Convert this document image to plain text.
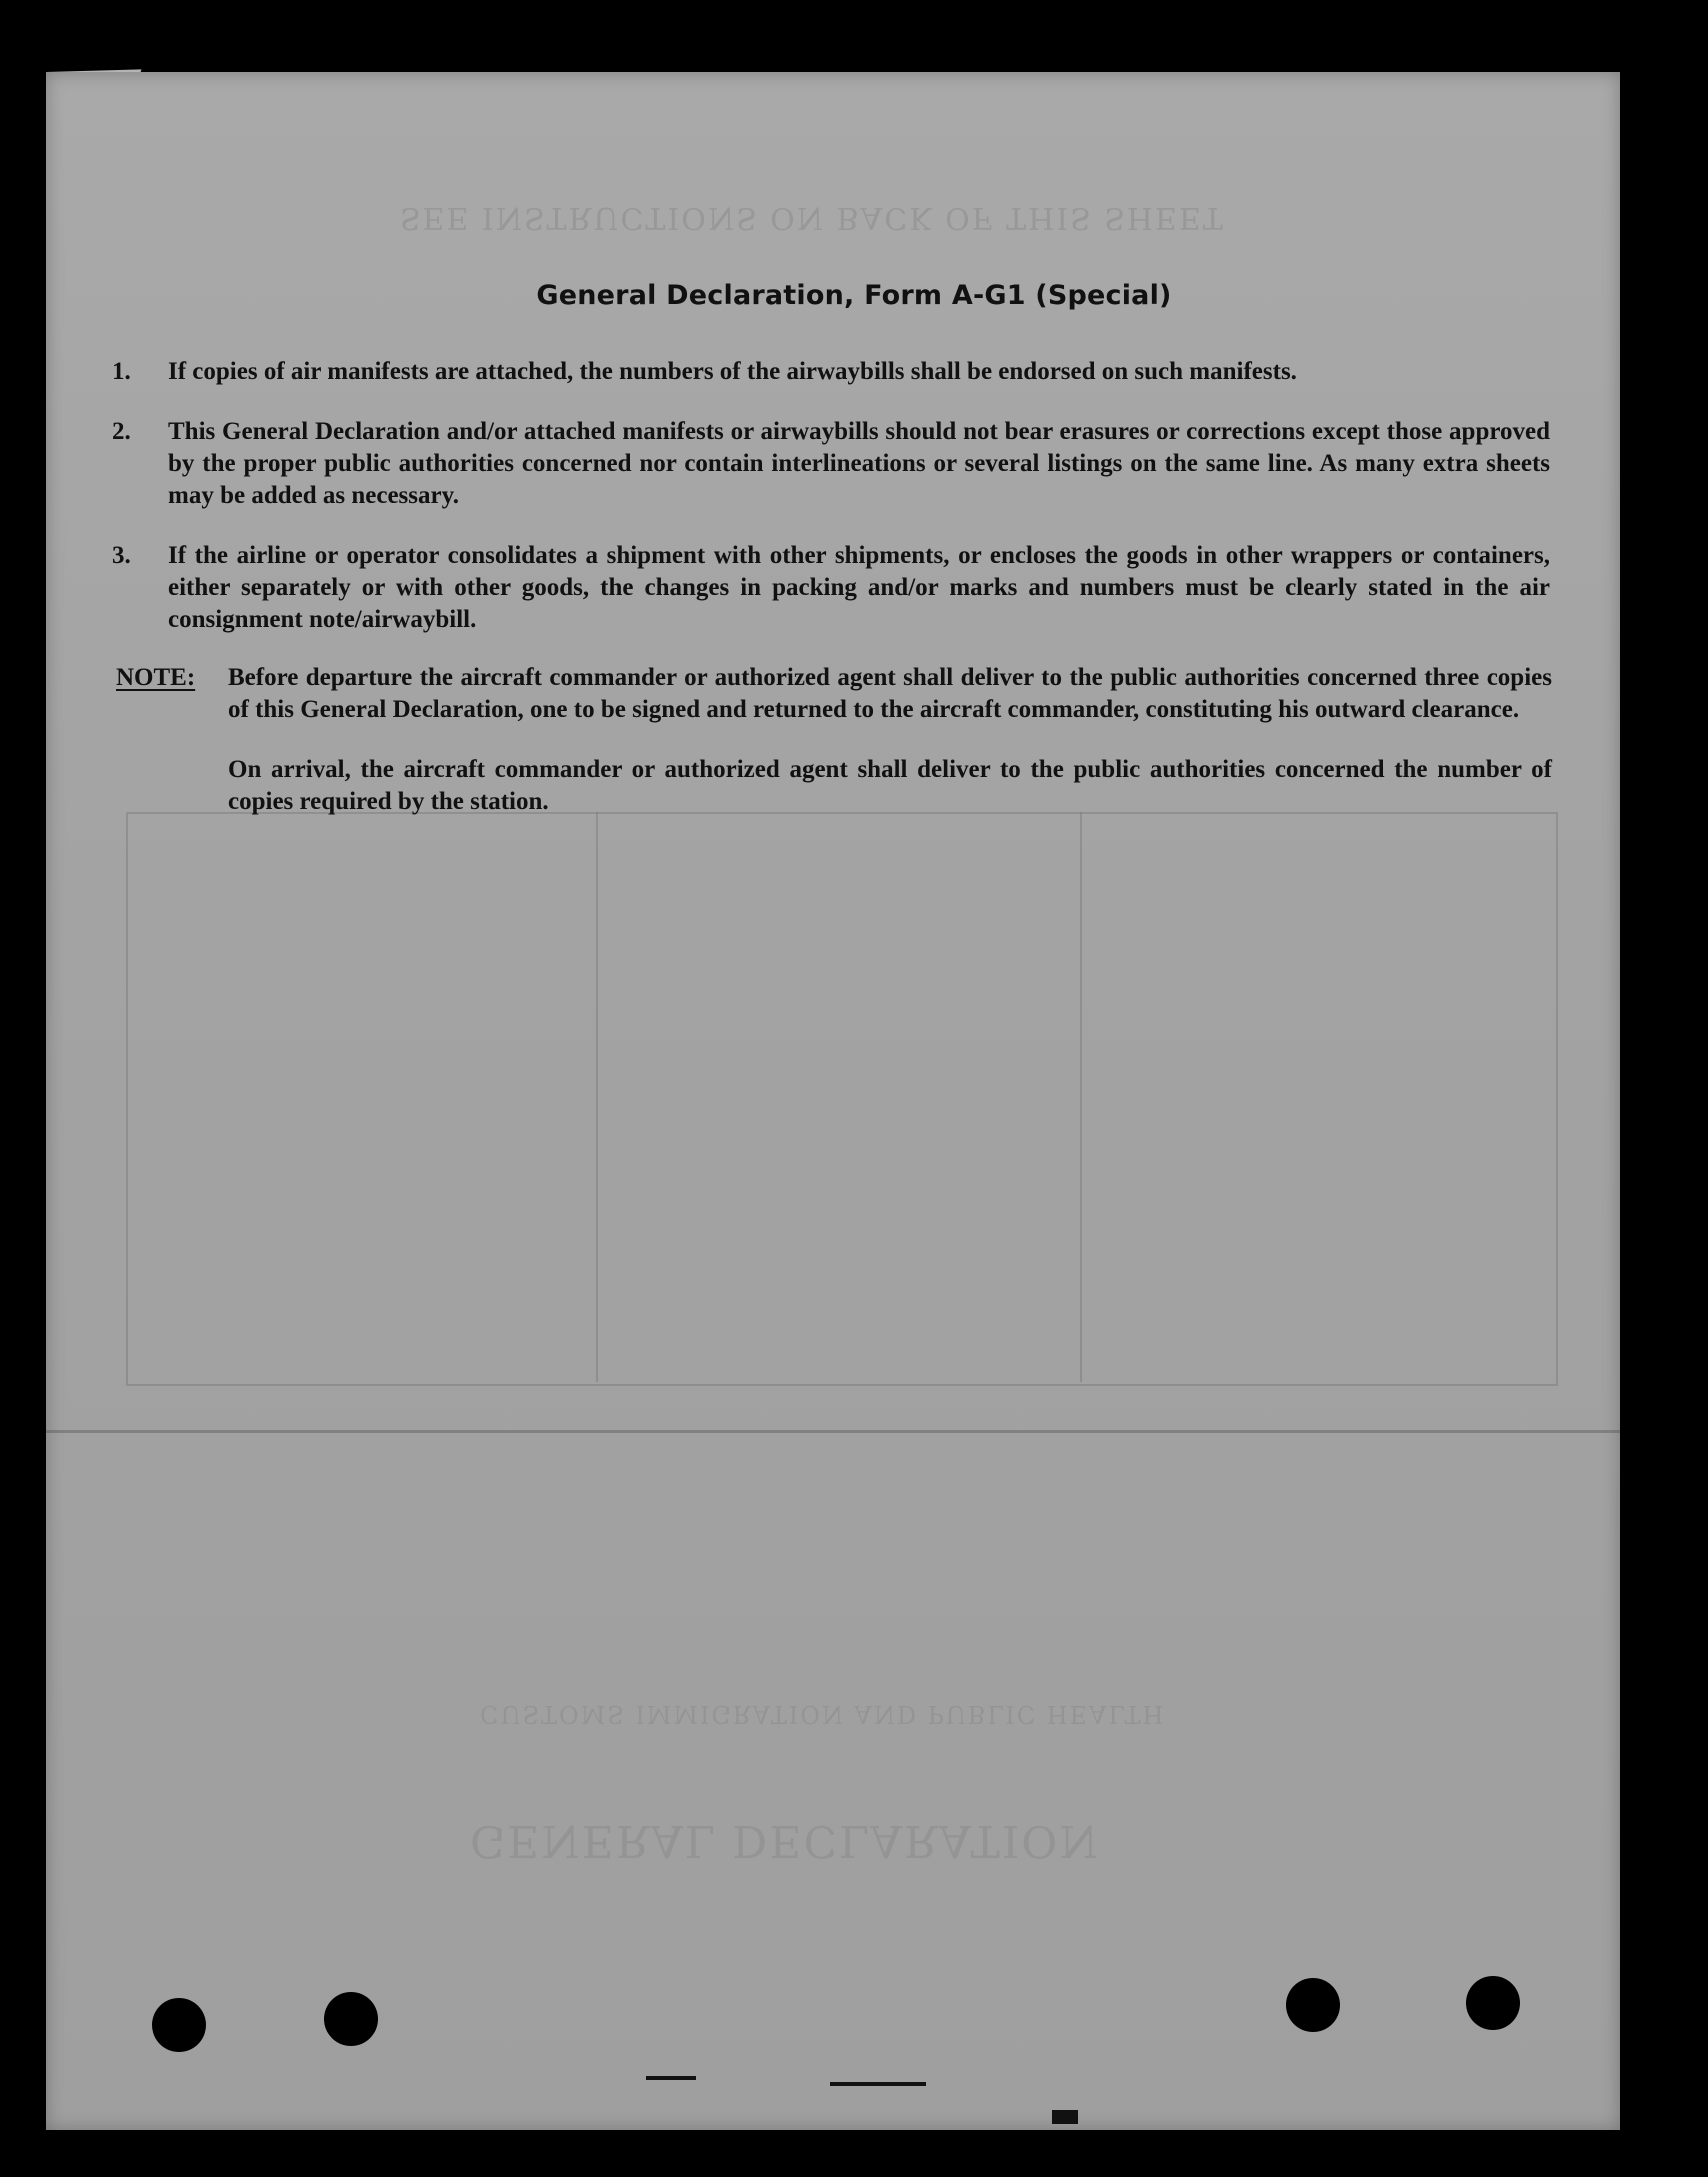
GENERAL DECLARATION
CUSTOMS IMMIGRATION AND PUBLIC HEALTH
SEE INSTRUCTIONS ON BACK OF THIS SHEET
General Declaration, Form A-G1 (Special)
1.	If copies of air manifests are attached, the numbers of the airwaybills shall be endorsed on such manifests.
2.	This General Declaration and/or attached manifests or airwaybills should not bear erasures or corrections except those approved by the proper public authorities concerned nor contain interlineations or several listings on the same line. As many extra sheets may be added as necessary.
3.	If the airline or operator consolidates a shipment with other shipments, or encloses the goods in other wrappers or containers, either separately or with other goods, the changes in packing and/or marks and numbers must be clearly stated in the air consignment note/airwaybill.
NOTE: Before departure the aircraft commander or authorized agent shall deliver to the public authorities concerned three copies of this General Declaration, one to be signed and returned to the aircraft commander, constituting his outward clearance.
On arrival, the aircraft commander or authorized agent shall deliver to the public authorities concerned the number of copies required by the station.
